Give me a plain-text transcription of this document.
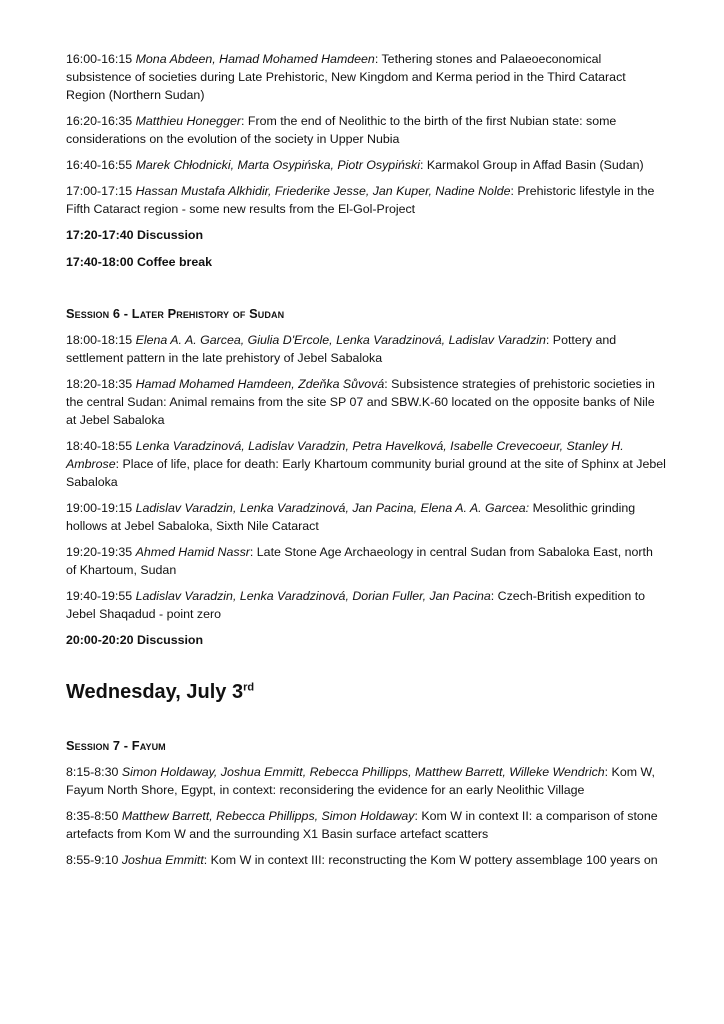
16:00-16:15 Mona Abdeen, Hamad Mohamed Hamdeen: Tethering stones and Palaeoeconomical subsistence of societies during Late Prehistoric, New Kingdom and Kerma period in the Third Cataract Region (Northern Sudan)
16:20-16:35 Matthieu Honegger: From the end of Neolithic to the birth of the first Nubian state: some considerations on the evolution of the society in Upper Nubia
16:40-16:55 Marek Chłodnicki, Marta Osypińska, Piotr Osypiński: Karmakol Group in Affad Basin (Sudan)
17:00-17:15 Hassan Mustafa Alkhidir, Friederike Jesse, Jan Kuper, Nadine Nolde: Prehistoric lifestyle in the Fifth Cataract region - some new results from the El-Gol-Project
17:20-17:40 Discussion
17:40-18:00 Coffee break
Session 6 - Later Prehistory of Sudan
18:00-18:15 Elena A. A. Garcea, Giulia D'Ercole, Lenka Varadzinová, Ladislav Varadzin: Pottery and settlement pattern in the late prehistory of Jebel Sabaloka
18:20-18:35 Hamad Mohamed Hamdeen, Zdeňka Sůvová: Subsistence strategies of prehistoric societies in the central Sudan: Animal remains from the site SP 07 and SBW.K-60 located on the opposite banks of Nile at Jebel Sabaloka
18:40-18:55 Lenka Varadzinová, Ladislav Varadzin, Petra Havelková, Isabelle Crevecoeur, Stanley H. Ambrose: Place of life, place for death: Early Khartoum community burial ground at the site of Sphinx at Jebel Sabaloka
19:00-19:15 Ladislav Varadzin, Lenka Varadzinová, Jan Pacina, Elena A. A. Garcea: Mesolithic grinding hollows at Jebel Sabaloka, Sixth Nile Cataract
19:20-19:35 Ahmed Hamid Nassr: Late Stone Age Archaeology in central Sudan from Sabaloka East, north of Khartoum, Sudan
19:40-19:55 Ladislav Varadzin, Lenka Varadzinová, Dorian Fuller, Jan Pacina: Czech-British expedition to Jebel Shaqadud - point zero
20:00-20:20 Discussion
Wednesday, July 3rd
Session 7 - Fayum
8:15-8:30 Simon Holdaway, Joshua Emmitt, Rebecca Phillipps, Matthew Barrett, Willeke Wendrich: Kom W, Fayum North Shore, Egypt, in context: reconsidering the evidence for an early Neolithic Village
8:35-8:50 Matthew Barrett, Rebecca Phillipps, Simon Holdaway: Kom W in context II: a comparison of stone artefacts from Kom W and the surrounding X1 Basin surface artefact scatters
8:55-9:10 Joshua Emmitt: Kom W in context III: reconstructing the Kom W pottery assemblage 100 years on
